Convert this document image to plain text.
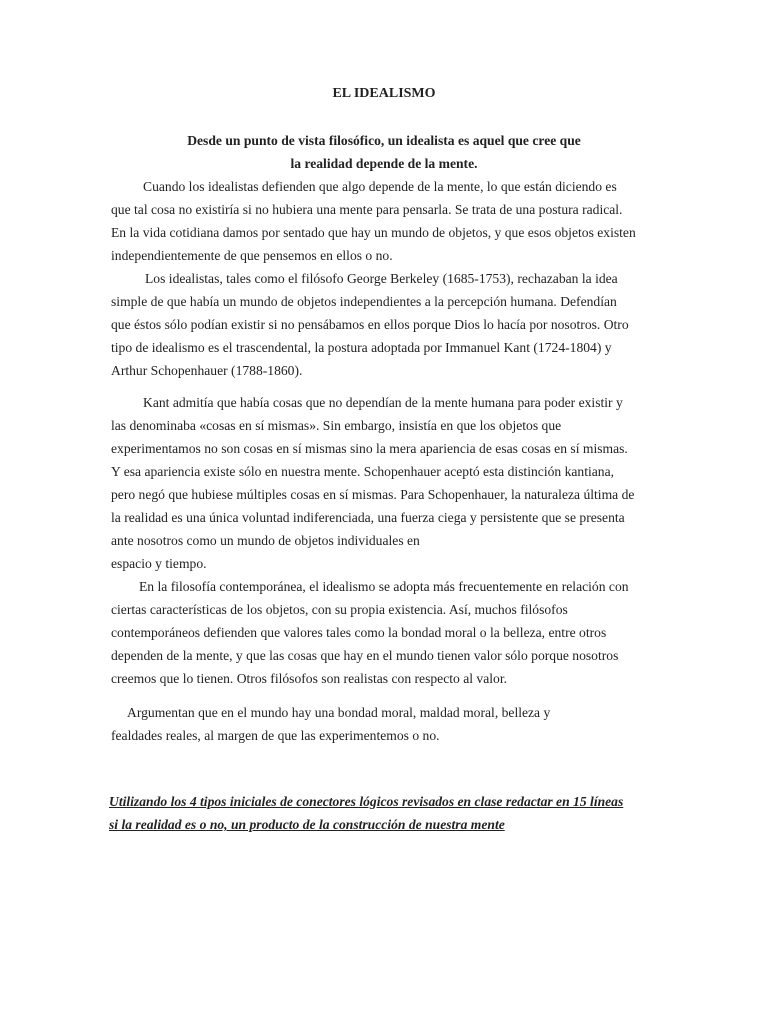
EL IDEALISMO
Desde un punto de vista filosófico, un idealista es aquel que cree que
la realidad depende de la mente.
Cuando los idealistas defienden que algo depende de la mente, lo que están diciendo es
que tal cosa no existiría si no hubiera una mente para pensarla. Se trata de una postura radical.
En la vida cotidiana damos por sentado que hay un mundo de objetos, y que esos objetos existen
independientemente de que pensemos en ellos o no.
Los idealistas, tales como el filósofo George Berkeley (1685-1753), rechazaban la idea
simple de que había un mundo de objetos independientes a la percepción humana. Defendían
que éstos sólo podían existir si no pensábamos en ellos porque Dios lo hacía por nosotros. Otro
tipo de idealismo es el trascendental, la postura adoptada por Immanuel Kant (1724-1804) y
Arthur Schopenhauer (1788-1860).
Kant admitía que había cosas que no dependían de la mente humana para poder existir y
las denominaba «cosas en sí mismas». Sin embargo, insistía en que los objetos que
experimentamos no son cosas en sí mismas sino la mera apariencia de esas cosas en sí mismas.
Y esa apariencia existe sólo en nuestra mente. Schopenhauer aceptó esta distinción kantiana,
pero negó que hubiese múltiples cosas en sí mismas. Para Schopenhauer, la naturaleza última de
la realidad es una única voluntad indiferenciada, una fuerza ciega y persistente que se presenta
ante nosotros como un mundo de objetos individuales en
espacio y tiempo.
En la filosofía contemporánea, el idealismo se adopta más frecuentemente en relación con
ciertas características de los objetos, con su propia existencia. Así, muchos filósofos
contemporáneos defienden que valores tales como la bondad moral o la belleza, entre otros
dependen de la mente, y que las cosas que hay en el mundo tienen valor sólo porque nosotros
creemos que lo tienen. Otros filósofos son realistas con respecto al valor.
Argumentan que en el mundo hay una bondad moral, maldad moral, belleza y
fealdades reales, al margen de que las experimentemos o no.
Utilizando los 4 tipos iniciales de conectores lógicos revisados en clase redactar en 15 líneas
si la realidad es o no, un producto de la construcción de nuestra mente
